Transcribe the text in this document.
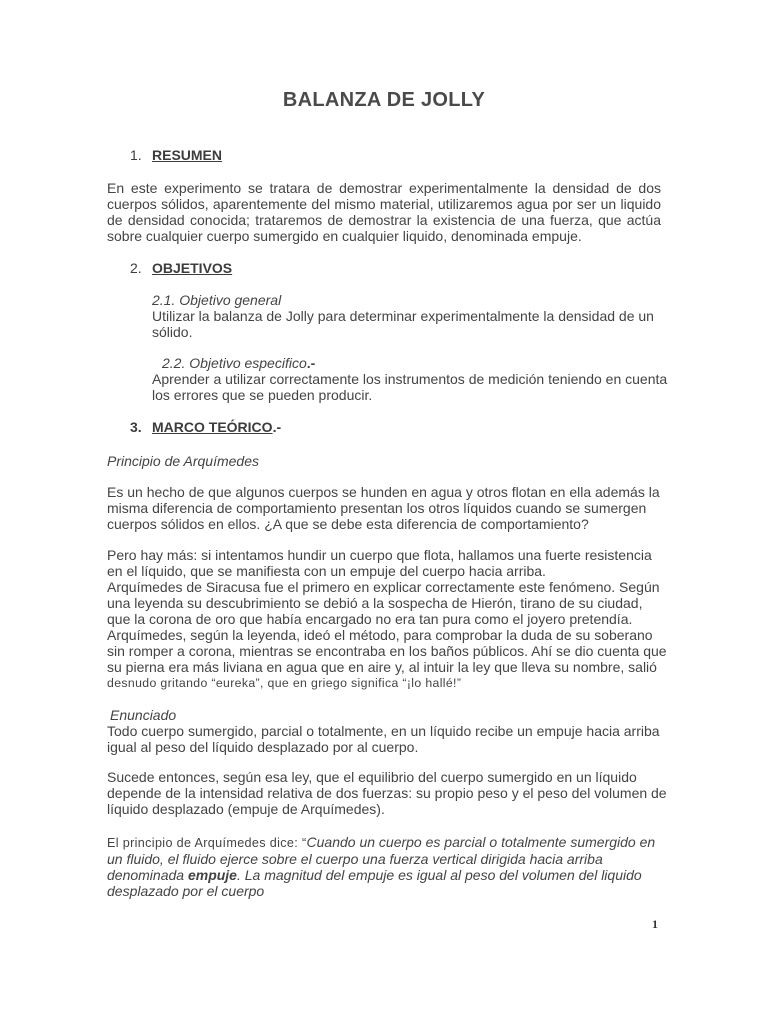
BALANZA DE JOLLY
1. RESUMEN
En este experimento se tratara de demostrar experimentalmente la densidad de dos cuerpos sólidos, aparentemente del mismo material, utilizaremos agua por ser un liquido de densidad conocida; trataremos de demostrar la existencia de una fuerza, que actúa sobre cualquier cuerpo sumergido en cualquier liquido, denominada empuje.
2. OBJETIVOS
2.1. Objetivo general
Utilizar la balanza de Jolly para determinar experimentalmente la densidad de un
sólido.
2.2. Objetivo especifico.-
Aprender a utilizar correctamente los instrumentos de medición teniendo en cuenta
los errores que se pueden producir.
3. MARCO TEÓRICO.-
Principio de Arquímedes
Es un hecho de que algunos cuerpos se hunden en agua y otros flotan en ella además la
misma diferencia de comportamiento presentan los otros líquidos cuando se sumergen
cuerpos sólidos en ellos. ¿A que se debe esta diferencia de comportamiento?
Pero hay más: si intentamos hundir un cuerpo que flota, hallamos una fuerte resistencia
en el líquido, que se manifiesta con un empuje del cuerpo hacia arriba.
Arquímedes de Siracusa fue el primero en explicar correctamente este fenómeno. Según
una leyenda su descubrimiento se debió a la sospecha de Hierón, tirano de su ciudad,
que la corona de oro que había encargado no era tan pura como el joyero pretendía.
Arquímedes, según la leyenda, ideó el método, para comprobar la duda de su soberano
sin romper a corona, mientras se encontraba en los baños públicos. Ahí se dio cuenta que
su pierna era más liviana en agua que en aire y, al intuir la ley que lleva su nombre, salió
desnudo gritando “eureka”, que en griego significa “¡lo hallé!”
Enunciado
Todo cuerpo sumergido, parcial o totalmente, en un líquido recibe un empuje hacia arriba
igual al peso del líquido desplazado por al cuerpo.
Sucede entonces, según esa ley, que el equilibrio del cuerpo sumergido en un líquido
depende de la intensidad relativa de dos fuerzas: su propio peso y el peso del volumen de
líquido desplazado (empuje de Arquímedes).
El principio de Arquímedes dice: “Cuando un cuerpo es parcial o totalmente sumergido en
un fluido, el fluido ejerce sobre el cuerpo una fuerza vertical dirigida hacia arriba
denominada empuje. La magnitud del empuje es igual al peso del volumen del liquido
desplazado por el cuerpo
1
